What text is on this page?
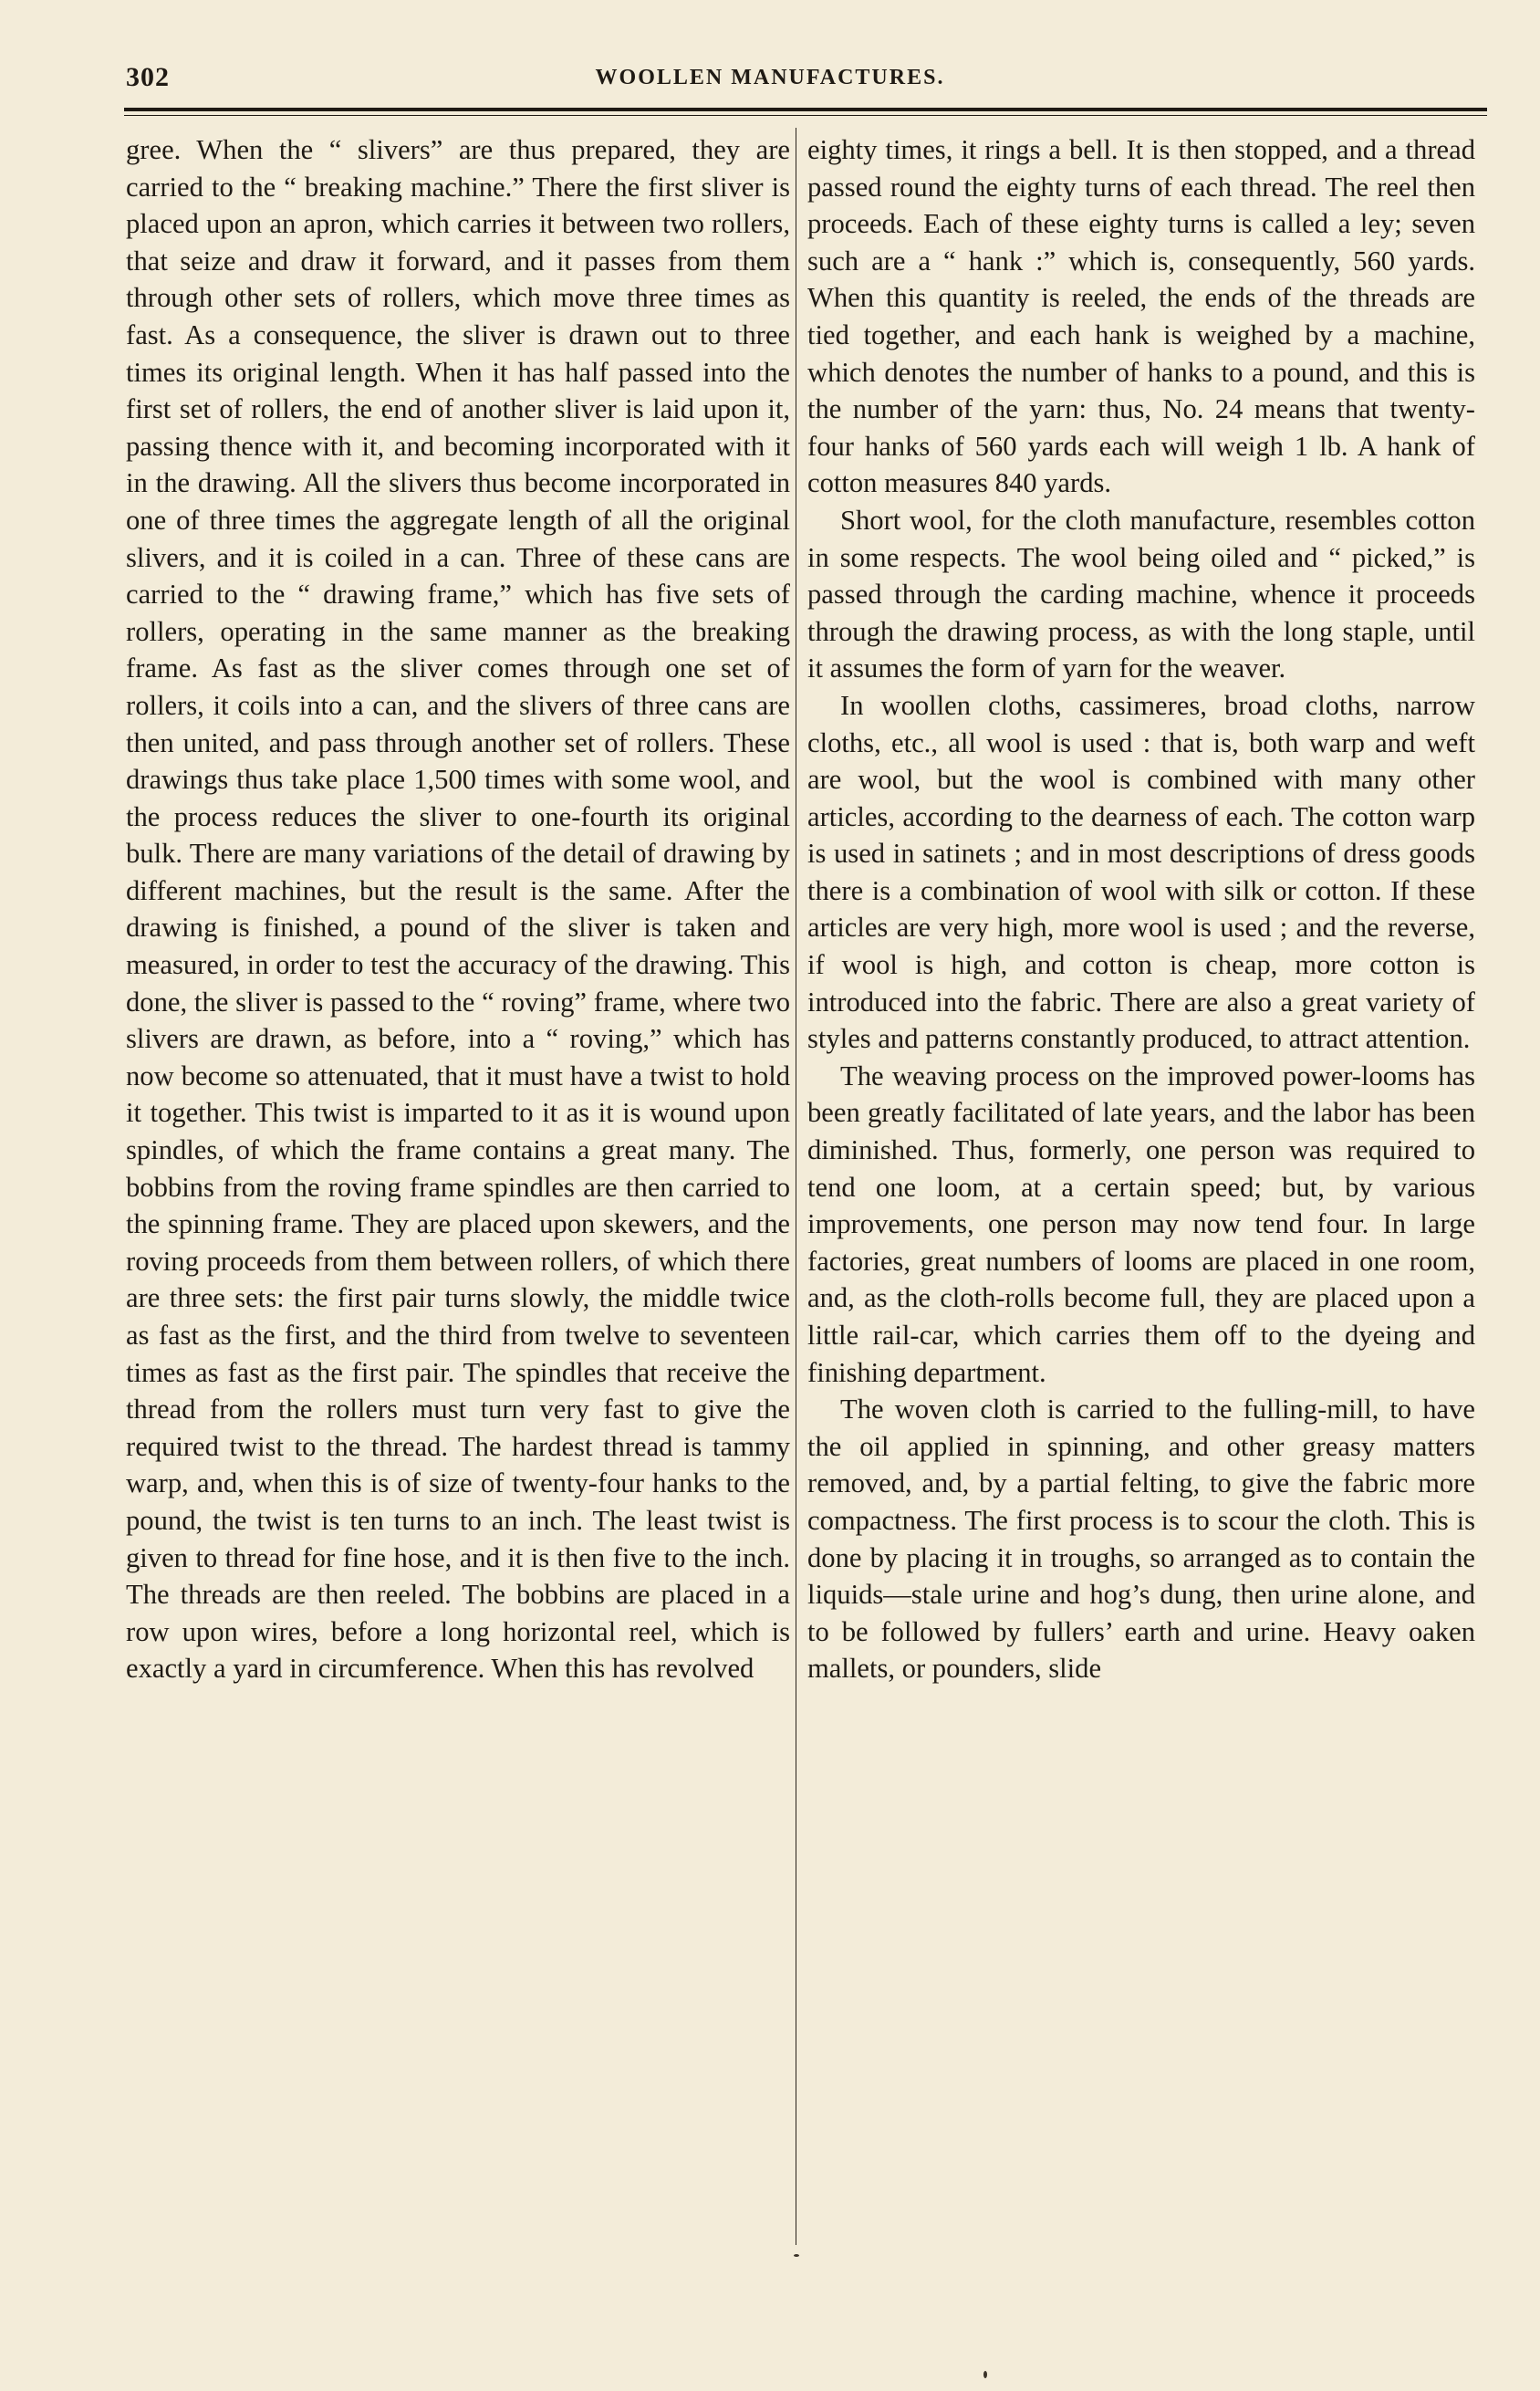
302	WOOLLEN MANUFACTURES.

gree. When the “ slivers” are thus prepared, they are carried to the “ breaking machine.” There the first sliver is placed upon an apron, which carries it between two rollers, that seize and draw it forward, and it passes from them through other sets of rollers, which move three times as fast. As a consequence, the sliver is drawn out to three times its original length. When it has half passed into the first set of rollers, the end of another sliver is laid upon it, passing thence with it, and becoming incorporated with it in the drawing. All the slivers thus become incorporated in one of three times the aggregate length of all the original slivers, and it is coiled in a can. Three of these cans are carried to the “ drawing frame,” which has five sets of rollers, operating in the same manner as the breaking frame. As fast as the sliver comes through one set of rollers, it coils into a can, and the slivers of three cans are then united, and pass through another set of rollers. These drawings thus take place 1,500 times with some wool, and the process reduces the sliver to one-fourth its original bulk. There are many variations of the detail of drawing by different machines, but the result is the same. After the drawing is finished, a pound of the sliver is taken and measured, in order to test the accuracy of the drawing. This done, the sliver is passed to the “ roving” frame, where two slivers are drawn, as before, into a “ roving,” which has now become so attenuated, that it must have a twist to hold it together. This twist is imparted to it as it is wound upon spindles, of which the frame contains a great many. The bobbins from the roving frame spindles are then carried to the spinning frame. They are placed upon skewers, and the roving proceeds from them between rollers, of which there are three sets: the first pair turns slowly, the middle twice as fast as the first, and the third from twelve to seventeen times as fast as the first pair. The spindles that receive the thread from the rollers must turn very fast to give the required twist to the thread. The hardest thread is tammy warp, and, when this is of size of twenty-four hanks to the pound, the twist is ten turns to an inch. The least twist is given to thread for fine hose, and it is then five to the inch. The threads are then reeled. The bobbins are placed in a row upon wires, before a long horizontal reel, which is exactly a yard in circumference. When this has revolved

eighty times, it rings a bell. It is then stopped, and a thread passed round the eighty turns of each thread. The reel then proceeds. Each of these eighty turns is called a ley; seven such are a “ hank :” which is, consequently, 560 yards. When this quantity is reeled, the ends of the threads are tied together, and each hank is weighed by a machine, which denotes the number of hanks to a pound, and this is the number of the yarn: thus, No. 24 means that twenty-four hanks of 560 yards each will weigh 1 lb. A hank of cotton measures 840 yards.

Short wool, for the cloth manufacture, resembles cotton in some respects. The wool being oiled and “ picked,” is passed through the carding machine, whence it proceeds through the drawing process, as with the long staple, until it assumes the form of yarn for the weaver.

In woollen cloths, cassimeres, broad cloths, narrow cloths, etc., all wool is used : that is, both warp and weft are wool, but the wool is combined with many other articles, according to the dearness of each. The cotton warp is used in satinets ; and in most descriptions of dress goods there is a combination of wool with silk or cotton. If these articles are very high, more wool is used ; and the reverse, if wool is high, and cotton is cheap, more cotton is introduced into the fabric. There are also a great variety of styles and patterns constantly produced, to attract attention.

The weaving process on the improved power-looms has been greatly facilitated of late years, and the labor has been diminished. Thus, formerly, one person was required to tend one loom, at a certain speed; but, by various improvements, one person may now tend four. In large factories, great numbers of looms are placed in one room, and, as the cloth-rolls become full, they are placed upon a little rail-car, which carries them off to the dyeing and finishing department.

The woven cloth is carried to the fulling-mill, to have the oil applied in spinning, and other greasy matters removed, and, by a partial felting, to give the fabric more compactness. The first process is to scour the cloth. This is done by placing it in troughs, so arranged as to contain the liquids—stale urine and hog’s dung, then urine alone, and to be followed by fullers’ earth and urine. Heavy oaken mallets, or pounders, slide
